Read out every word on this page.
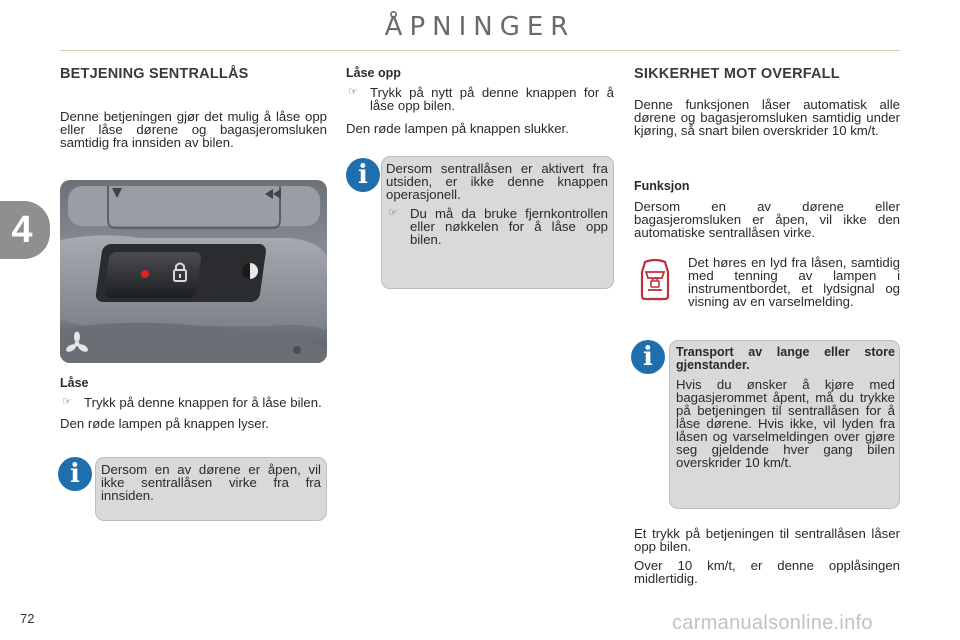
ÅPNINGER
4
BETJENING SENTRALLÅS
Denne betjeningen gjør det mulig å låse opp eller låse dørene og bagasjeromsluken samtidig fra innsiden av bilen.
Låse
☞ Trykk på denne knappen for å låse bilen.
Den røde lampen på knappen lyser.
i	Dersom en av dørene er åpen, vil ikke sentrallåsen virke fra fra innsiden.
Låse opp
☞ Trykk på nytt på denne knappen for å låse opp bilen.
Den røde lampen på knappen slukker.
i	Dersom sentrallåsen er aktivert fra utsiden, er ikke denne knappen operasjonell.
☞ Du må da bruke fjernkontrollen eller nøkkelen for å låse opp bilen.
SIKKERHET MOT OVERFALL
Denne funksjonen låser automatisk alle dørene og bagasjeromsluken samtidig under kjøring, så snart bilen overskrider 10 km/t.
Funksjon
Dersom en av dørene eller bagasjeromsluken er åpen, vil ikke den automatiske sentrallåsen virke.
Det høres en lyd fra låsen, samtidig med tenning av lampen i instrumentbordet, et lydsignal og visning av en varselmelding.
i	Transport av lange eller store gjenstander.
Hvis du ønsker å kjøre med bagasjerommet åpent, må du trykke på betjeningen til sentrallåsen for å låse dørene. Hvis ikke, vil lyden fra låsen og varselmeldingen over gjøre seg gjeldende hver gang bilen overskrider 10 km/t.
Et trykk på betjeningen til sentrallåsen låser opp bilen.
Over 10 km/t, er denne opplåsingen midlertidig.
72	carmanualsonline.info
